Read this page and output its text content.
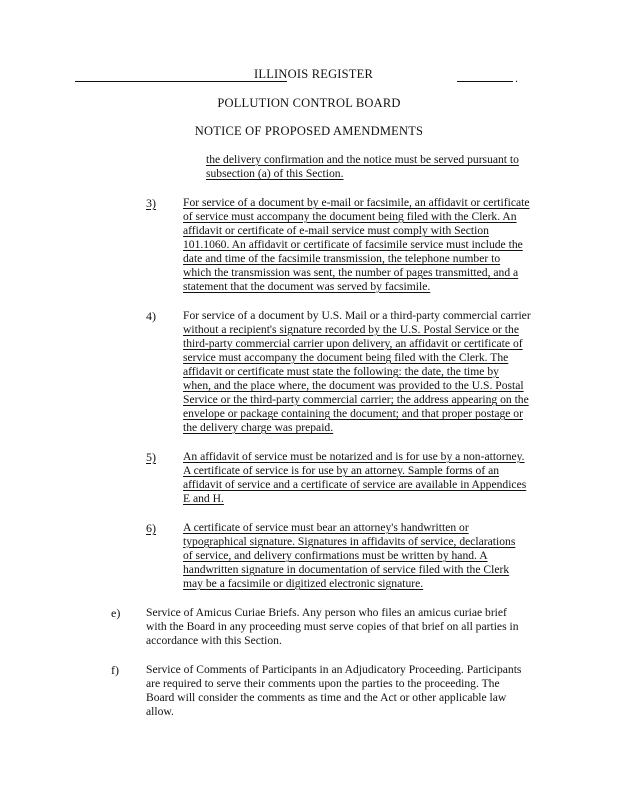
ILLINOIS REGISTER	.
POLLUTION CONTROL BOARD
NOTICE OF PROPOSED AMENDMENTS
the delivery confirmation and the notice must be served pursuant to
subsection (a) of this Section.
3) For service of a document by e-mail or facsimile, an affidavit or certificate
of service must accompany the document being filed with the Clerk. An
affidavit or certificate of e-mail service must comply with Section
101.1060. An affidavit or certificate of facsimile service must include the
date and time of the facsimile transmission, the telephone number to
which the transmission was sent, the number of pages transmitted, and a
statement that the document was served by facsimile.
4) For service of a document by U.S. Mail or a third-party commercial carrier
without a recipient's signature recorded by the U.S. Postal Service or the
third-party commercial carrier upon delivery, an affidavit or certificate of
service must accompany the document being filed with the Clerk. The
affidavit or certificate must state the following: the date, the time by
when, and the place where, the document was provided to the U.S. Postal
Service or the third-party commercial carrier; the address appearing on the
envelope or package containing the document; and that proper postage or
the delivery charge was prepaid.
5) An affidavit of service must be notarized and is for use by a non-attorney.
A certificate of service is for use by an attorney. Sample forms of an
affidavit of service and a certificate of service are available in Appendices
E and H.
6) A certificate of service must bear an attorney's handwritten or
typographical signature. Signatures in affidavits of service, declarations
of service, and delivery confirmations must be written by hand. A
handwritten signature in documentation of service filed with the Clerk
may be a facsimile or digitized electronic signature.
e) Service of Amicus Curiae Briefs. Any person who files an amicus curiae brief
with the Board in any proceeding must serve copies of that brief on all parties in
accordance with this Section.
f) Service of Comments of Participants in an Adjudicatory Proceeding. Participants
are required to serve their comments upon the parties to the proceeding. The
Board will consider the comments as time and the Act or other applicable law
allow.
